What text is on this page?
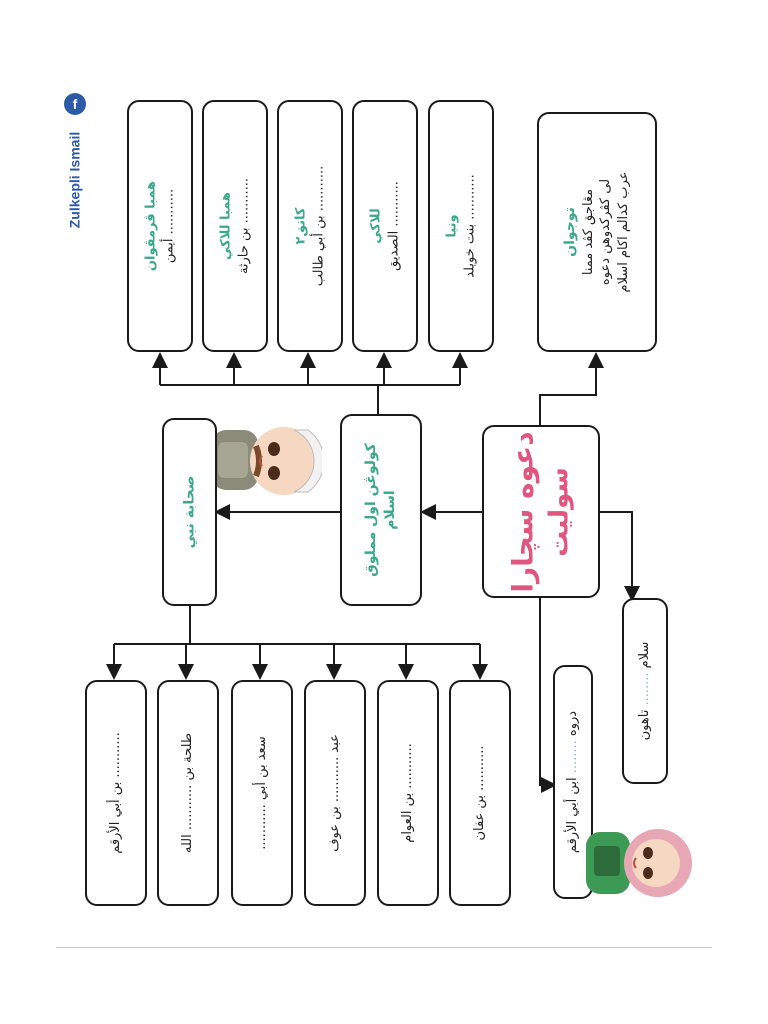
f
Zulkepli Ismail
توجوان مڠاجق كڤد ممنا لى كڤركدوهن دعوه عرب كدالم اكام اسلام
ونيا ........... بنت خويلد
للاكي ........... الصديق
كانق٢ ........... بن أبي طالب
همبا للاكي ........... بن حارثة
همبا ڤرمڤوان ........... أيمن
دعوه سچارا سوليت
كولوڠن اول مملوق اسلام
صحابة نبي
سلام ........ تاهون
دروه ........ ابن أبي الأرقم
........... بن عفان
........... بن العوام
عبد ........... بن عوف
سعد بن أبي ...........
طلحة بن ........... الله
........... بن أبي الأرقم
